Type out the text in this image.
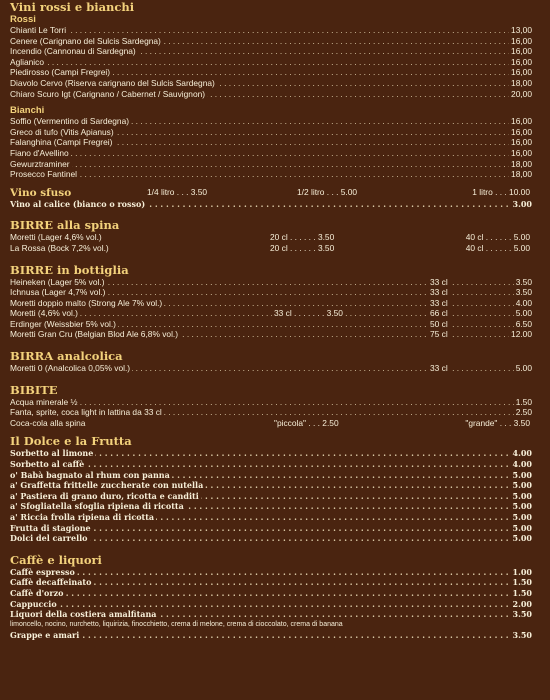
Vini rossi e bianchi
Rossi
Chianti Le Torri	13,00
. . .
Cenere (Carignano del Sulcis Sardegna)	16,00
. . .
Incendio (Cannonau di Sardegna)	16,00
. . .
Aglianico	16,00
. . .
Piedirosso (Campi Fregrei)	16,00
. . .
Diavolo Cervo (Riserva carignano del Sulcis Sardegna)	18,00
. . .
Chiaro Scuro Igt (Carignano / Cabernet / Sauvignon)	20,00
. . .
Bianchi
Soffio (Vermentino di Sardegna)	16,00
. . .
Greco di tufo (Vitis Apianus)	16,00
. . .
Falanghina (Campi Fregrei)	16,00
. . .
Fiano d'Avellino	16,00
. . .
Gewurztraminer	18,00
. . .
Prosecco Fantinel	18,00
. . .
Vino sfuso	1/4 litro . . . 3.50	1/2 litro . . . 5.00	1 litro . . . 10.00
Vino al calice (bianco o rosso)	3.00
. . .
BIRRE alla spina
Moretti (Lager 4,6% vol.)	20 cl . . . . . . 3.50	40 cl . . . . . . 5.00
La Rossa (Bock 7,2% vol.)	20 cl . . . . . . 3.50	40 cl . . . . . . 5.00
BIRRE in bottiglia
Heineken (Lager 5% vol.)	33 cl	3.50
. . .
Ichnusa (Lager 4,7% vol.)	33 cl	3.50
. . .
Moretti doppio malto (Strong Ale 7% vol.)	33 cl	4.00
. . .
Moretti (4,6% vol.)	33 cl . . . . . . . 3.50	66 cl	5.00
. . .
Erdinger (Weissbier 5% vol.)	50 cl	6.50
. . .
Moretti Gran Cru (Belgian Blod Ale 6,8% vol.)	75 cl	12.00
. . .
BIRRA analcolica
Moretti 0 (Analcolica 0,05% vol.)	33 cl	5.00
. . .
BIBITE
Acqua minerale ½	1.50
. . .
Fanta, sprite, coca light in lattina da 33 cl	2.50
. . .
Coca-cola alla spina	"piccola" . . . 2.50	"grande" . . . 3.50
Il Dolce e la Frutta
Sorbetto al limone	4.00
. . .
Sorbetto al caffè	4.00
. . .
o' Babà bagnato al rhum con panna	5.00
. . .
a' Graffetta frittelle zuccherate con nutella	5.00
. . .
a' Pastiera di grano duro, ricotta e canditi	5.00
. . .
a' Sfogliatella sfoglia ripiena di ricotta	5.00
. . .
a' Riccia frolla ripiena di ricotta	5.00
. . .
Frutta di stagione	5.00
. . .
Dolci del carrello	5.00
. . .
Caffè e liquori
Caffè espresso	1.00
. . .
Caffè decaffeinato	1.50
. . .
Caffè d'orzo	1.50
. . .
Cappuccio	2.00
. . .
Liquori della costiera amalfitana	3.50
. . .
limoncello, nocino, nurchetto, liquirizia, finocchietto, crema di melone, crema di cioccolato, crema di banana
Grappe e amari	3.50
. . .
